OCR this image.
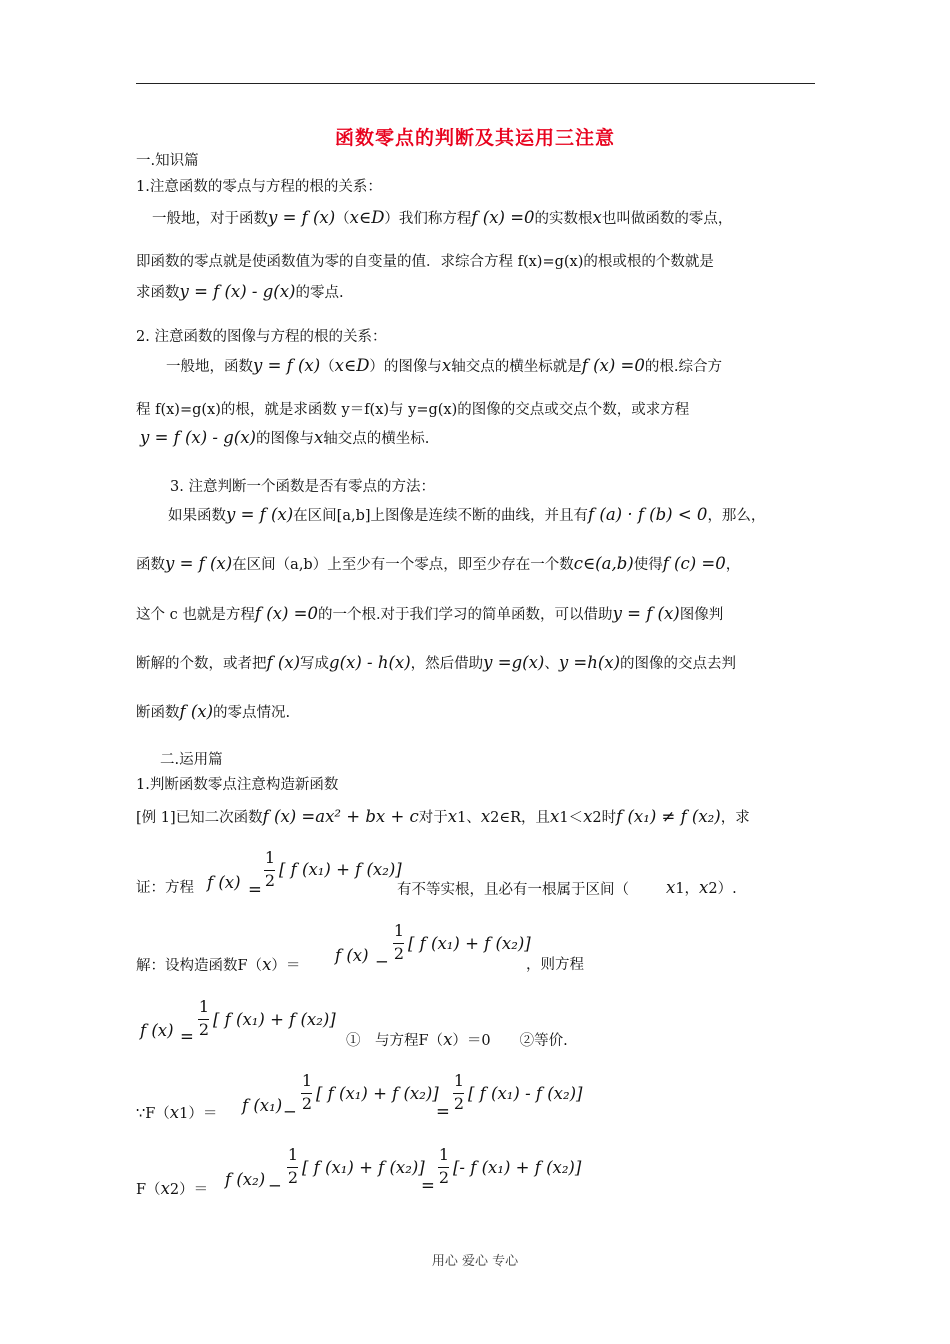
函数零点的判断及其运用三注意
一.知识篇
1.注意函数的零点与方程的根的关系：
一般地，对于函数y = f (x)（x∈D）我们称方程f (x) =0的实数根x也叫做函数的零点，
即函数的零点就是使函数值为零的自变量的值．求综合方程 f(x)=g(x)的根或根的个数就是
求函数y = f (x) - g(x)的零点.
2. 注意函数的图像与方程的根的关系：
一般地，函数y = f (x)（x∈D）的图像与x轴交点的横坐标就是f (x) =0的根.综合方
程 f(x)=g(x)的根，就是求函数 y＝f(x)与 y=g(x)的图像的交点或交点个数，或求方程
y = f (x) - g(x)的图像与x轴交点的横坐标.
3. 注意判断一个函数是否有零点的方法：
如果函数y = f (x)在区间[a,b]上图像是连续不断的曲线，并且有f (a) · f (b) < 0，那么，
函数y = f (x)在区间（a,b）上至少有一个零点，即至少存在一个数c∈(a,b)使得f (c) =0，
这个 c 也就是方程f (x) =0的一个根.对于我们学习的简单函数，可以借助y = f (x)图像判
断解的个数，或者把f (x)写成g(x) - h(x)，然后借助y =g(x)、y =h(x)的图像的交点去判
断函数f (x)的零点情况.
二.运用篇
1.判断函数零点注意构造新函数
[例 1]已知二次函数f (x) =ax² + bx + c对于x1、x2∈R，且x1＜x2时f (x₁) ≠ f (x₂)，求
证：方程 f (x) =
1
2
[ f (x₁) + f (x₂)]
有不等实根，且必有一根属于区间（ x1，x2）.
解：设构造函数F（x）＝
f (x) −
1
2
[ f (x₁) + f (x₂)]
，则方程
f (x) =
1
2
[ f (x₁) + f (x₂)]
①　与方程F（x）＝0　　②等价.
∵F（x1）＝ f (x₁) −
1
2
[ f (x₁) + f (x₂)]
=
1
2
[ f (x₁) - f (x₂)]
F（x2）＝
f (x₂) −
1
2
[ f (x₁) + f (x₂)]
=
1
2
[- f (x₁) + f (x₂)]
用心 爱心 专心
